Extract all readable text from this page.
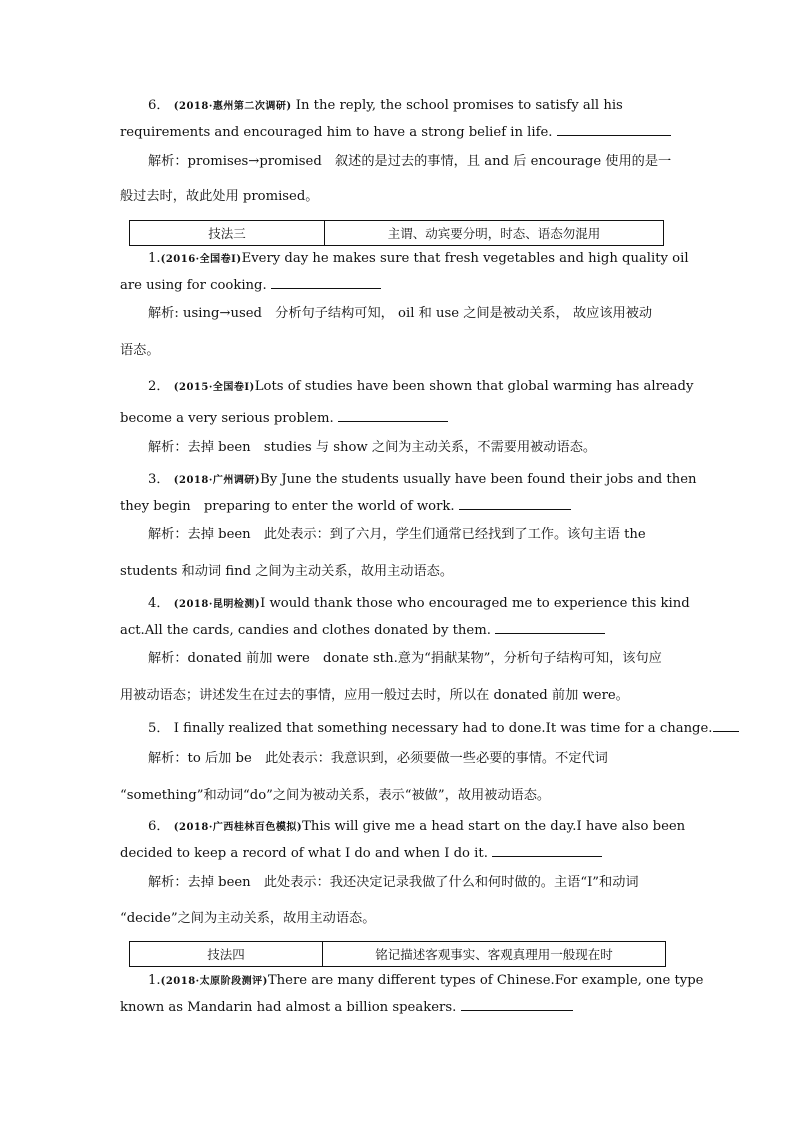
6． (2018·惠州第二次调研) In the reply, the school promises to satisfy all his
requirements and encouraged him to have a strong belief in life.
解析：promises→promised　叙述的是过去的事情，且 and 后 encourage 使用的是一
般过去时，故此处用 promised。
技法三	主谓、动宾要分明，时态、语态勿混用
1.(2016·全国卷Ⅰ)Every day he makes sure that fresh vegetables and high quality oil
are using for cooking.
解析: using→used　分析句子结构可知， oil 和 use 之间是被动关系， 故应该用被动
语态。
2． (2015·全国卷Ⅰ)Lots of studies have been shown that global warming has already
become a very serious problem.
解析：去掉 been　studies 与 show 之间为主动关系，不需要用被动语态。
3． (2018·广州调研)By June the students usually have been found their jobs and then
they begin　preparing to enter the world of work.
解析：去掉 been　此处表示：到了六月，学生们通常已经找到了工作。该句主语 the
students 和动词 find 之间为主动关系，故用主动语态。
4． (2018·昆明检测)I would thank those who encouraged me to experience this kind
act.All the cards, candies and clothes donated by them.
解析：donated 前加 were　donate sth.意为“捐献某物”，分析句子结构可知，该句应
用被动语态；讲述发生在过去的事情，应用一般过去时，所以在 donated 前加 were。
5． I finally realized that something necessary had to done.It was time for a change.
解析：to 后加 be　此处表示：我意识到，必须要做一些必要的事情。不定代词
“something”和动词“do”之间为被动关系，表示“被做”，故用被动语态。
6． (2018·广西桂林百色模拟)This will give me a head start on the day.I have also been
decided to keep a record of what I do and when I do it.
解析：去掉 been　此处表示：我还决定记录我做了什么和何时做的。主语“I”和动词
“decide”之间为主动关系，故用主动语态。
技法四	铭记描述客观事实、客观真理用一般现在时
1.(2018·太原阶段测评)There are many different types of Chinese.For example, one type
known as Mandarin had almost a billion speakers.
